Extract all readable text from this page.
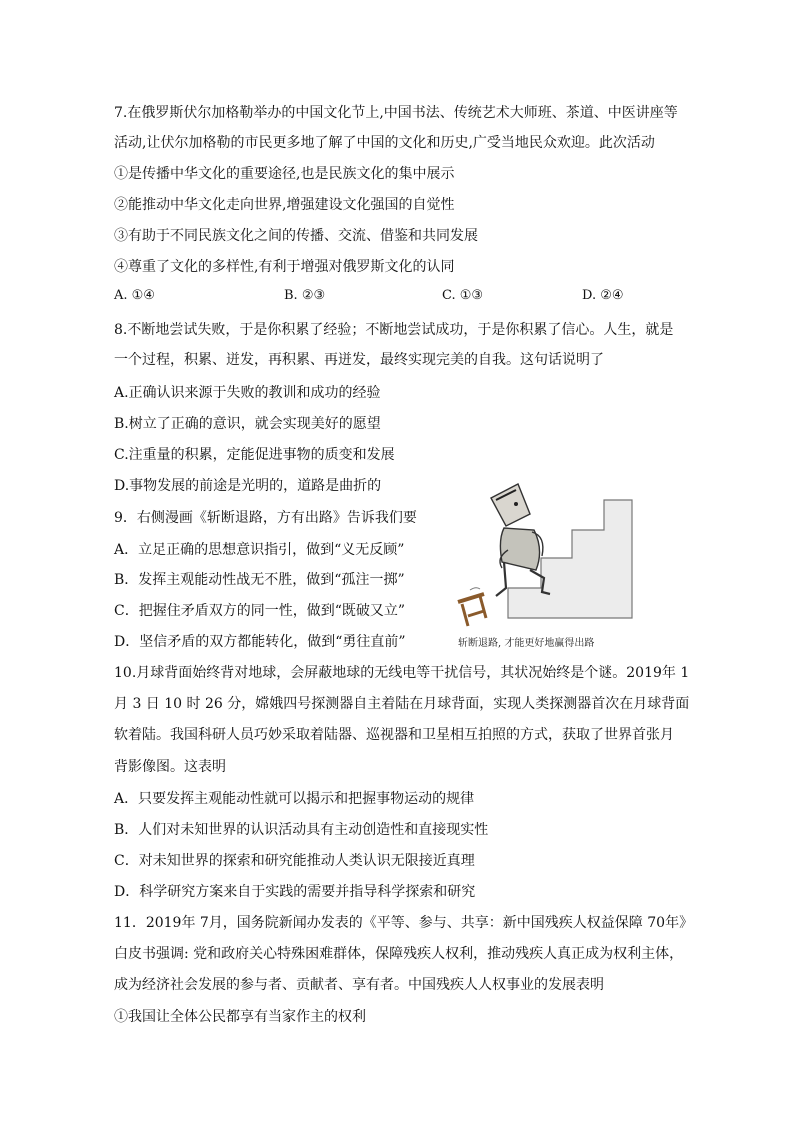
7.在俄罗斯伏尔加格勒举办的中国文化节上,中国书法、传统艺术大师班、茶道、中医讲座等
活动,让伏尔加格勒的市民更多地了解了中国的文化和历史,广受当地民众欢迎。此次活动
①是传播中华文化的重要途径,也是民族文化的集中展示
②能推动中华文化走向世界,增强建设文化强国的自觉性
③有助于不同民族文化之间的传播、交流、借鉴和共同发展
④尊重了文化的多样性,有利于增强对俄罗斯文化的认同
A. ①④	B. ②③	C. ①③	D. ②④
8.不断地尝试失败，于是你积累了经验；不断地尝试成功，于是你积累了信心。人生，就是
一个过程，积累、迸发，再积累、再迸发，最终实现完美的自我。这句话说明了
A.正确认识来源于失败的教训和成功的经验
B.树立了正确的意识，就会实现美好的愿望
C.注重量的积累，定能促进事物的质变和发展
D.事物发展的前途是光明的，道路是曲折的
9．右侧漫画《斩断退路，方有出路》告诉我们要
A．立足正确的思想意识指引，做到“义无反顾”
B．发挥主观能动性战无不胜，做到“孤注一掷”
C．把握住矛盾双方的同一性，做到“既破又立”
D．坚信矛盾的双方都能转化，做到“勇往直前”	斩断退路, 才能更好地赢得出路
10.月球背面始终背对地球，会屏蔽地球的无线电等干扰信号，其状况始终是个谜。2019年 1
月 3 日 10 时 26 分，嫦娥四号探测器自主着陆在月球背面，实现人类探测器首次在月球背面
软着陆。我国科研人员巧妙采取着陆器、巡视器和卫星相互拍照的方式，获取了世界首张月
背影像图。这表明
A．只要发挥主观能动性就可以揭示和把握事物运动的规律
B．人们对未知世界的认识活动具有主动创造性和直接现实性
C．对未知世界的探索和研究能推动人类认识无限接近真理
D．科学研究方案来自于实践的需要并指导科学探索和研究
11．2019年 7月，国务院新闻办发表的《平等、参与、共享：新中国残疾人权益保障 70年》
白皮书强调: 党和政府关心特殊困难群体，保障残疾人权利，推动残疾人真正成为权利主体，
成为经济社会发展的参与者、贡献者、享有者。中国残疾人人权事业的发展表明
①我国让全体公民都享有当家作主的权利
